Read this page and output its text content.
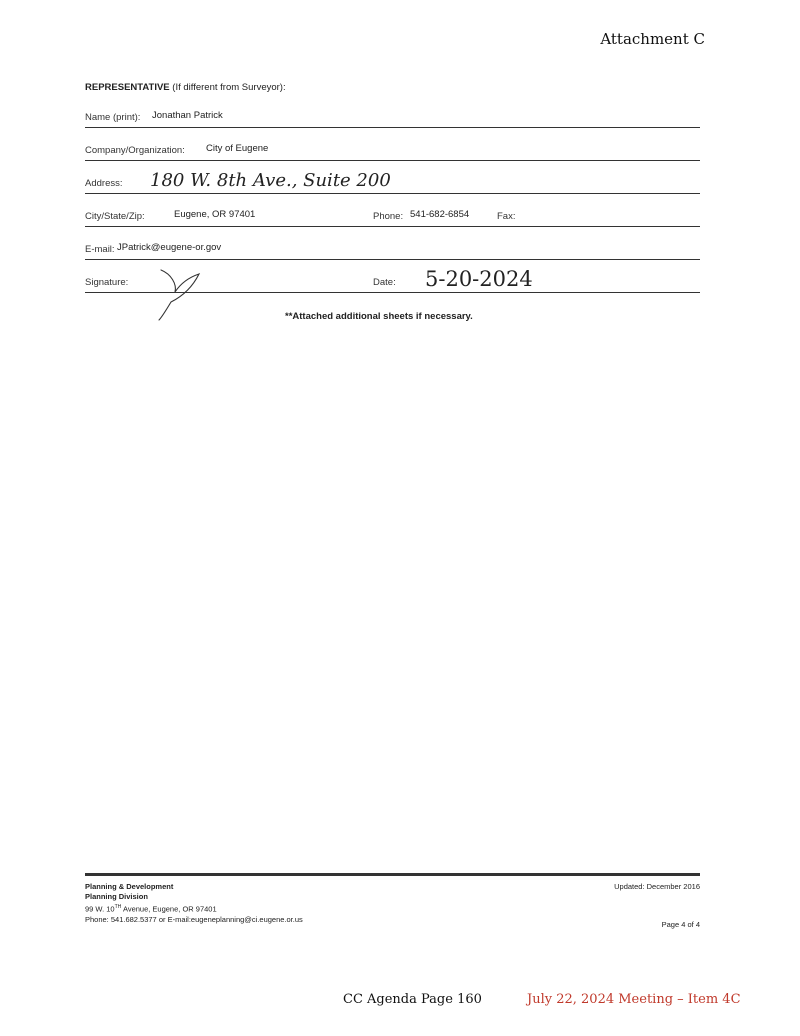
Attachment C
REPRESENTATIVE (If different from Surveyor):
Name (print): Jonathan Patrick
Company/Organization: City of Eugene
Address: 180 W. 8th Ave., Suite 200
City/State/Zip:	Eugene, OR 97401	Phone: 541-682-6854	Fax:
E-mail: JPatrick@eugene-or.gov
Signature:	Date: 5-20-2024
**Attached additional sheets if necessary.
Updated: December 2016
Planning & Development
Planning Division
99 W. 10TH Avenue, Eugene, OR 97401
Phone: 541.682.5377 or E-mail:eugeneplanning@ci.eugene.or.us
Page 4 of 4
CC Agenda Page 160	July 22, 2024 Meeting – Item 4C
